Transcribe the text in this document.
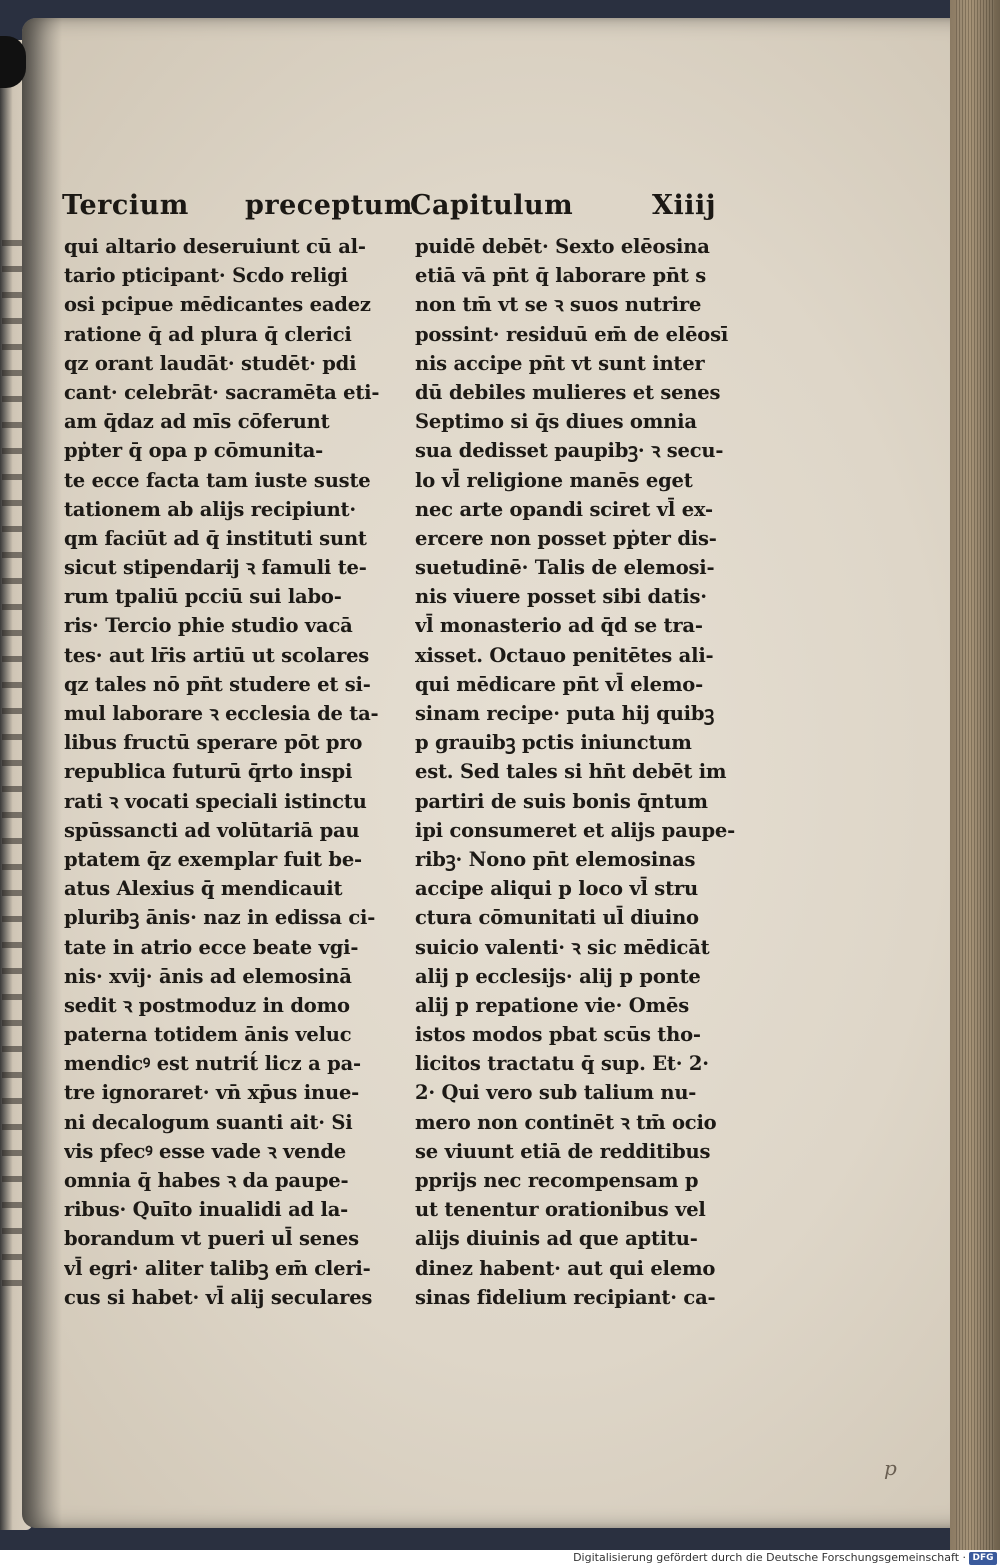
Tercium preceptum
Capitulum	Xiiij
qui altario deseruiunt cū al-
tario pticipant· Scdo religi
osi pcipue mēdicantes eadez
ratione q̄ ad plura q̄ clerici
qz orant laudāt· studēt· pdi
cant· celebrāt· sacramēta eti-
am q̄daz ad mīs cōferunt
pṗter q̄ opa p cōmunita-
te ecce facta tam iuste suste
tationem ab alijs recipiunt·
qm faciūt ad q̄ instituti sunt
sicut stipendarij ꝛ famuli te-
rum tpaliū pcciū sui labo-
ris· Tercio phie studio vacā
tes· aut lr̄is artiū ut scolares
qz tales nō pn̄t studere et si-
mul laborare ꝛ ecclesia de ta-
libus fructū sperare pōt pro
republica futurū q̄rto inspi
rati ꝛ vocati speciali istinctu
spūssancti ad volūtariā pau
ptatem q̄z exemplar fuit be-
atus Alexius q̄ mendicauit
pluribꝫ ānis· naz in edissa ci-
tate in atrio ecce beate vgi-
nis· xvij· ānis ad elemosinā
sedit ꝛ postmoduz in domo
paterna totidem ānis veluc
mendicꝰ est nutrit́ licz a pa-
tre ignoraret· vn̄ xp̄us inue-
ni decalogum suanti ait· Si
vis pfecꝰ esse vade ꝛ vende
omnia q̄ habes ꝛ da paupe-
ribus· Quīto inualidi ad la-
borandum vt pueri ul̄ senes
vl̄ egri· aliter talibꝫ em̄ cleri-
cus si habet· vl̄ alij seculares
puidē debēt· Sexto elēosina
etiā vā pn̄t q̄ laborare pn̄t s
non tm̄ vt se ꝛ suos nutrire
possint· residuū em̄ de elēosī
nis accipe pn̄t vt sunt inter
dū debiles mulieres et senes
Septimo si q̄s diues omnia
sua dedisset paupibꝫ· ꝛ secu-
lo vl̄ religione manēs eget
nec arte opandi sciret vl̄ ex-
ercere non posset pṗter dis-
suetudinē· Talis de elemosi-
nis viuere posset sibi datis·
vl̄ monasterio ad q̄d se tra-
xisset. Octauo penitētes ali-
qui mēdicare pn̄t vl̄ elemo-
sinam recipe· puta hij quibꝫ
p grauibꝫ pctis iniunctum
est. Sed tales si hn̄t debēt im
partiri de suis bonis q̄ntum
ipi consumeret et alijs paupe-
ribꝫ· Nono pn̄t elemosinas
accipe aliqui p loco vl̄ stru
ctura cōmunitati ul̄ diuino
suicio valenti· ꝛ sic mēdicāt
alij p ecclesijs· alij p ponte
alij p repatione vie· Omēs
istos modos pbat scūs tho-
licitos tractatu q̄ sup. Et· 2·
2· Qui vero sub talium nu-
mero non continēt ꝛ tm̄ ocio
se viuunt etiā de redditibus
pprijs nec recompensam p
ut tenentur orationibus vel
alijs diuinis ad que aptitu-
dinez habent· aut qui elemo
sinas fidelium recipiant· ca-
p
Digitalisierung gefördert durch die Deutsche Forschungsgemeinschaft · DFG
